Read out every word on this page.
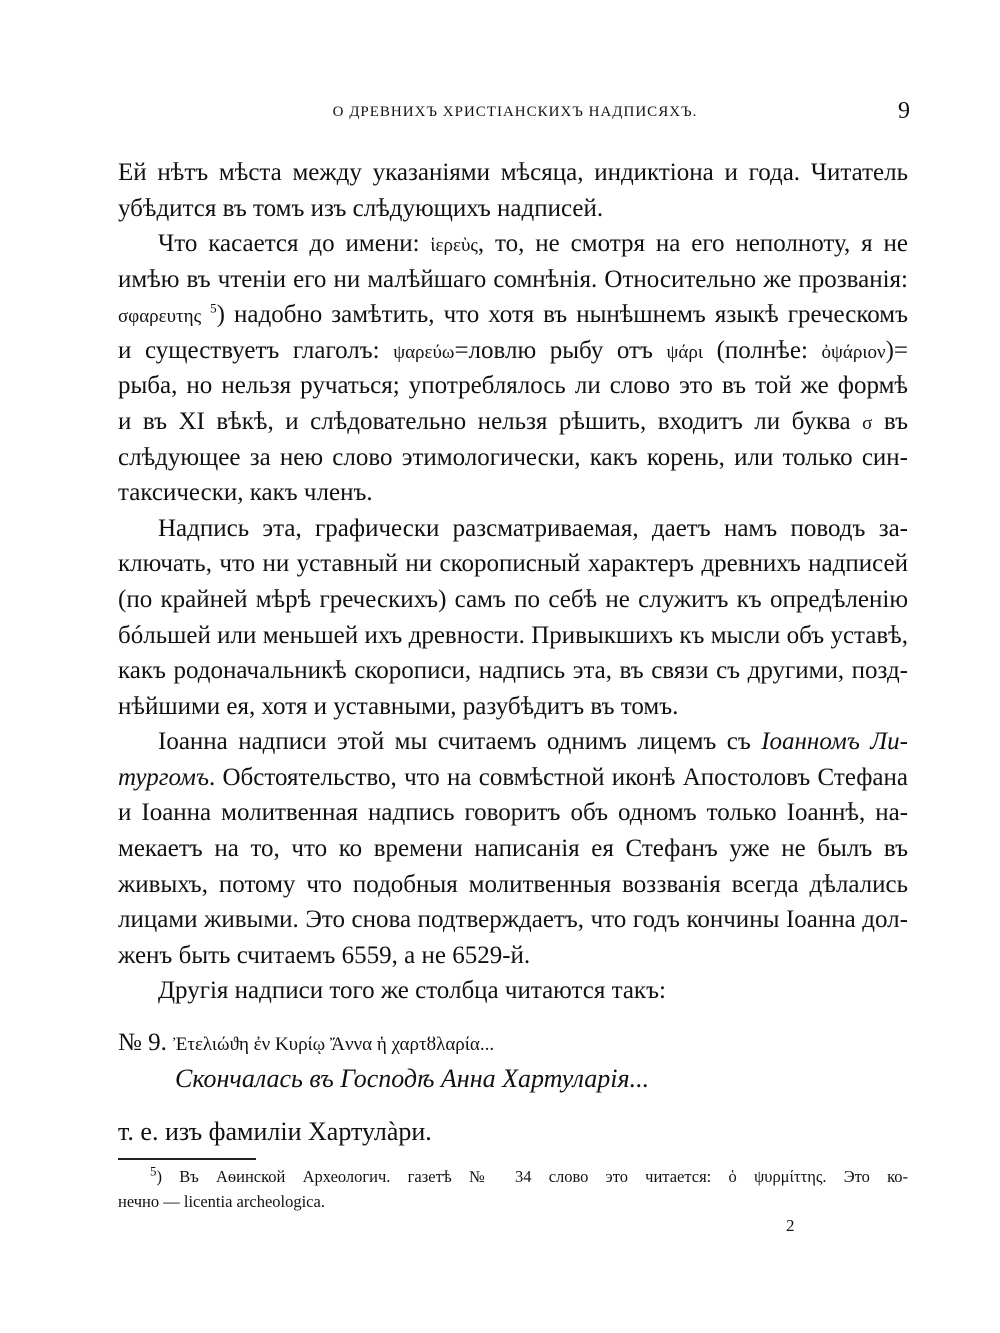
О ДРЕВНИХЪ ХРИСТІАНСКИХЪ НАДПИСЯХЪ.	9
Ей нѣтъ мѣста между указаніями мѣсяца, индиктіона и года. Читатель
убѣдится въ томъ изъ слѣдующихъ надписей.
Что касается до имени: ἱερεὺς, то, не смотря на его неполноту, я не
имѣю въ чтеніи его ни малѣйшаго сомнѣнія. Относительно же прозванія:
σφαρευτης $^5$) надобно замѣтить, что хотя въ нынѣшнемъ языкѣ греческомъ
и существуетъ глаголъ: ψαρεύω=ловлю рыбу отъ ψάρι (полнѣе: ὀψάριον)=
рыба, но нельзя ручаться; употреблялось ли слово это въ той же формѣ
и въ XI вѣкѣ, и слѣдовательно нельзя рѣшить, входитъ ли буква σ въ
слѣдующее за нею слово этимологически, какъ корень, или только син-
таксически, какъ членъ.
Надпись эта, графически разсматриваемая, даетъ намъ поводъ за-
ключать, что ни уставный ни скорописный характеръ древнихъ надписей
(по крайней мѣрѣ греческихъ) самъ по себѣ не служитъ къ опредѣленію
бóльшей или меньшей ихъ древности. Привыкшихъ къ мысли объ уставѣ,
какъ родоначальникѣ скорописи, надпись эта, въ связи съ другими, позд-
нѣйшими ея, хотя и уставными, разубѣдитъ въ томъ.
Іоанна надписи этой мы считаемъ однимъ лицемъ съ Іоанномъ Ли-
тургомъ. Обстоятельство, что на совмѣстной иконѣ Апостоловъ Стефана
и Іоанна молитвенная надпись говоритъ объ одномъ только Іоаннѣ, на-
мекаетъ на то, что ко времени написанія ея Стефанъ уже не былъ въ
живыхъ, потому что подобныя молитвенныя воззванія всегда дѣлались
лицами живыми. Это снова подтверждаетъ, что годъ кончины Іоанна дол-
женъ быть считаемъ 6559, а не 6529-й.
Другія надписи того же столбца читаются такъ:
№ 9. Ἐτελιώϑη ἐν Κυρίῳ Ἄννα ἡ χαρτȣλαρία...
Скончалась въ Господѣ Анна Хартуларія...
т. е. изъ фамиліи Хартулàри.
$^5$) Въ Аѳинской Археологич. газетѣ № 34 слово это читается: ὁ ψυρμίττης. Это ко-
нечно — licentia archeologica.
2
